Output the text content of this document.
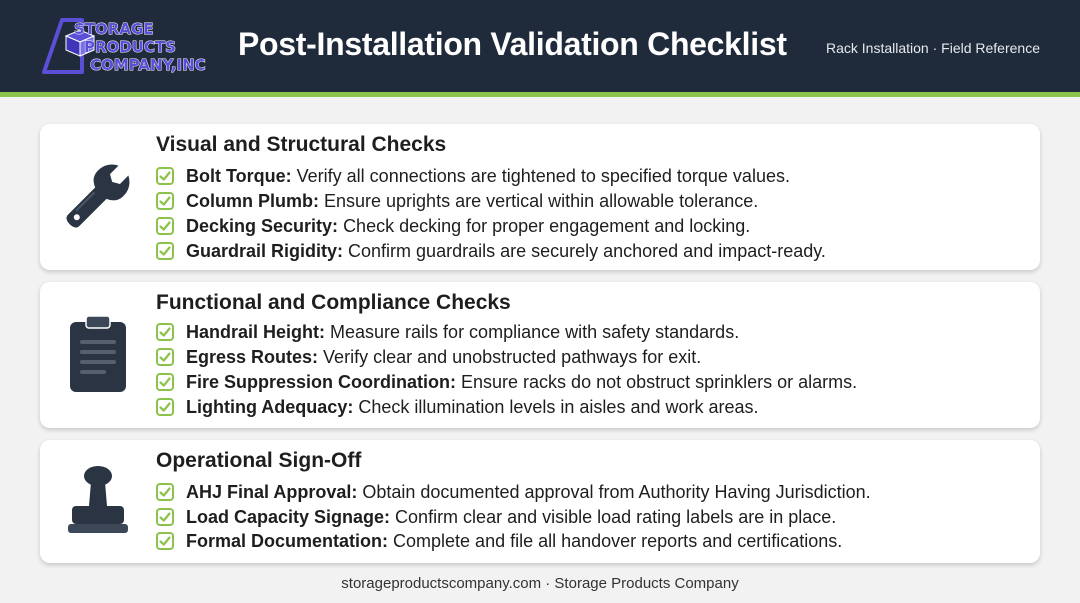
STORAGE
PRODUCTS
COMPANY,INC
Post-Installation Validation Checklist	Rack Installation · Field Reference
Visual and Structural Checks
Bolt Torque: Verify all connections are tightened to specified torque values.
Column Plumb: Ensure uprights are vertical within allowable tolerance.
Decking Security: Check decking for proper engagement and locking.
Guardrail Rigidity: Confirm guardrails are securely anchored and impact-ready.
Functional and Compliance Checks
Handrail Height: Measure rails for compliance with safety standards.
Egress Routes: Verify clear and unobstructed pathways for exit.
Fire Suppression Coordination: Ensure racks do not obstruct sprinklers or alarms.
Lighting Adequacy: Check illumination levels in aisles and work areas.
Operational Sign-Off
AHJ Final Approval: Obtain documented approval from Authority Having Jurisdiction.
Load Capacity Signage: Confirm clear and visible load rating labels are in place.
Formal Documentation: Complete and file all handover reports and certifications.
storageproductscompany.com · Storage Products Company
